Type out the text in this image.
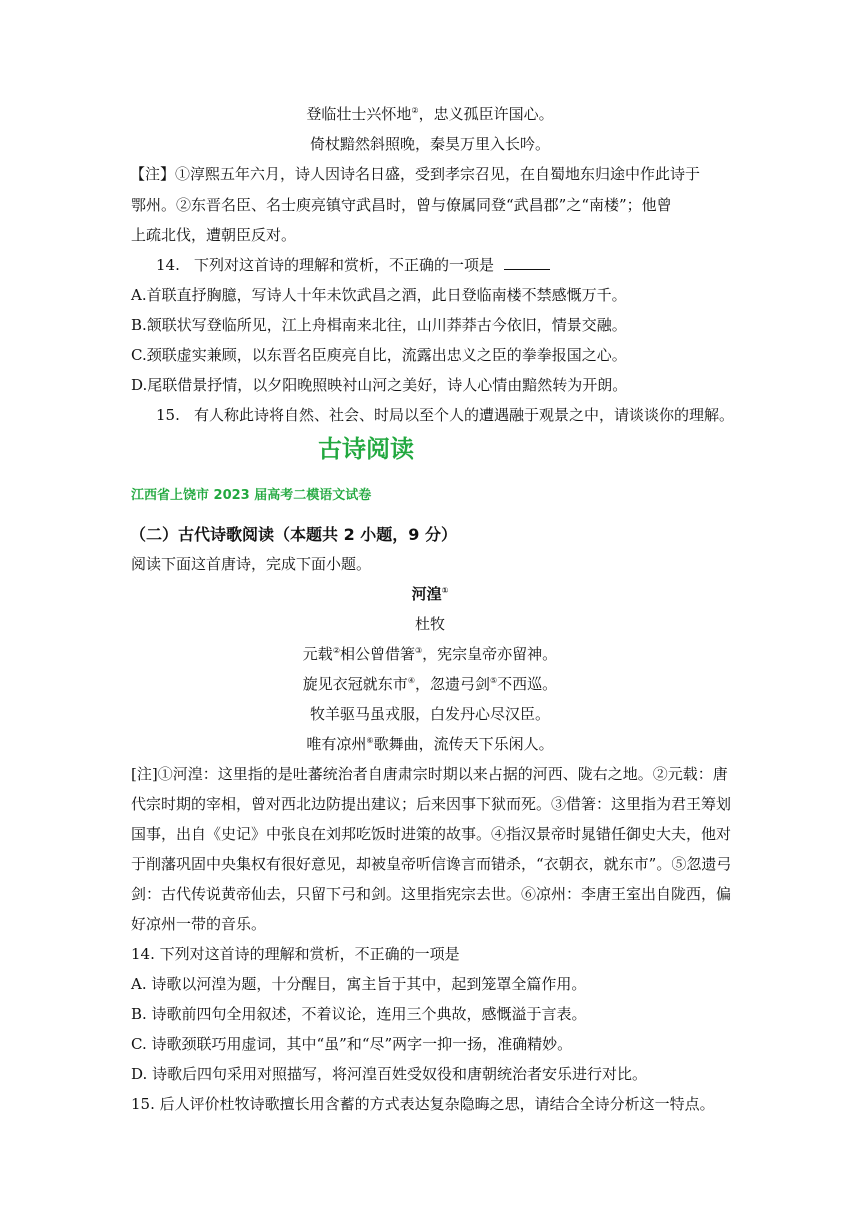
登临壮士兴怀地②，忠义孤臣许国心。
倚杖黯然斜照晚，秦昊万里入长吟。
【注】①淳熙五年六月，诗人因诗名日盛，受到孝宗召见，在自蜀地东归途中作此诗于
鄂州。②东晋名臣、名士庾亮镇守武昌时，曾与僚属同登“武昌郡”之“南楼”；他曾
上疏北伐，遭朝臣反对。
14. 下列对这首诗的理解和赏析，不正确的一项是
A.首联直抒胸臆，写诗人十年未饮武昌之酒，此日登临南楼不禁感慨万千。
B.颔联状写登临所见，江上舟楫南来北往，山川莽莽古今依旧，情景交融。
C.颈联虚实兼顾，以东晋名臣庾亮自比，流露出忠义之臣的拳拳报国之心。
D.尾联借景抒情，以夕阳晚照映衬山河之美好，诗人心情由黯然转为开朗。
15. 有人称此诗将自然、社会、时局以至个人的遭遇融于观景之中，请谈谈你的理解。
古诗阅读
江西省上饶市 2023 届高考二模语文试卷
（二）古代诗歌阅读（本题共 2 小题，9 分）
阅读下面这首唐诗，完成下面小题。
河湟①
杜牧
元载②相公曾借箸③，宪宗皇帝亦留神。
旋见衣冠就东市④，忽遗弓剑⑤不西巡。
牧羊驱马虽戎服，白发丹心尽汉臣。
唯有凉州⑥歌舞曲，流传天下乐闲人。
[注]①河湟：这里指的是吐蕃统治者自唐肃宗时期以来占据的河西、陇右之地。②元载：唐
代宗时期的宰相，曾对西北边防提出建议；后来因事下狱而死。③借箸：这里指为君王筹划
国事，出自《史记》中张良在刘邦吃饭时进策的故事。④指汉景帝时晁错任御史大夫，他对
于削藩巩固中央集权有很好意见，却被皇帝听信谗言而错杀，“衣朝衣，就东市”。⑤忽遗弓
剑：古代传说黄帝仙去，只留下弓和剑。这里指宪宗去世。⑥凉州：李唐王室出自陇西，偏
好凉州一带的音乐。
14. 下列对这首诗的理解和赏析，不正确的一项是
A. 诗歌以河湟为题，十分醒目，寓主旨于其中，起到笼罩全篇作用。
B. 诗歌前四句全用叙述，不着议论，连用三个典故，感慨溢于言表。
C. 诗歌颈联巧用虚词，其中“虽”和“尽”两字一抑一扬，准确精妙。
D. 诗歌后四句采用对照描写，将河湟百姓受奴役和唐朝统治者安乐进行对比。
15. 后人评价杜牧诗歌擅长用含蓄的方式表达复杂隐晦之思，请结合全诗分析这一特点。
